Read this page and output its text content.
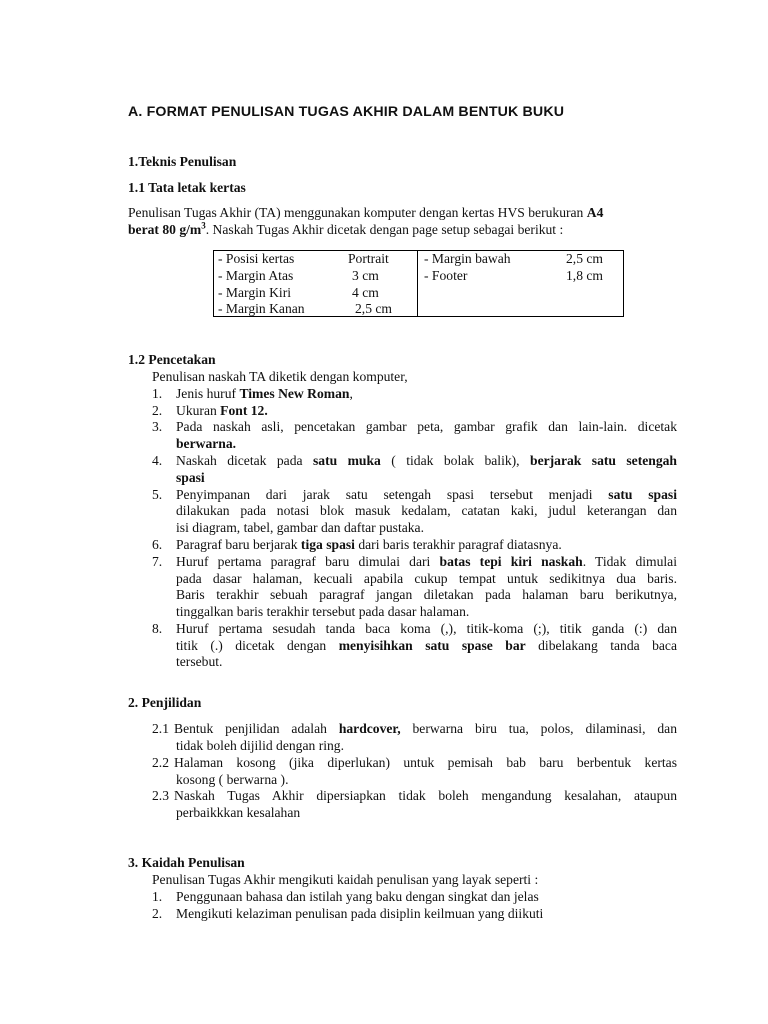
A. FORMAT PENULISAN TUGAS AKHIR DALAM BENTUK BUKU
1.Teknis Penulisan
1.1 Tata letak kertas
Penulisan Tugas Akhir (TA) menggunakan komputer dengan kertas HVS berukuran A4
berat 80 $g/m^3$. Naskah Tugas Akhir dicetak dengan page setup sebagai berikut :
- Posisi kertas	Portrait
- Margin Atas	3 cm
- Margin Kiri	4 cm
- Margin Kanan	2,5 cm
- Margin bawah	2,5 cm
- Footer	1,8 cm
1.2 Pencetakan
Penulisan naskah TA diketik dengan komputer,
1. Jenis huruf Times New Roman,
2. Ukuran Font 12.
3. Pada naskah asli, pencetakan gambar peta, gambar grafik dan lain-lain. dicetak
berwarna.
4. Naskah dicetak pada satu muka ( tidak bolak balik), berjarak satu setengah
spasi
5. Penyimpanan dari jarak satu setengah spasi tersebut menjadi satu spasi
dilakukan pada notasi blok masuk kedalam, catatan kaki, judul keterangan dan
isi diagram, tabel, gambar dan daftar pustaka.
6. Paragraf baru berjarak tiga spasi dari baris terakhir paragraf diatasnya.
7. Huruf pertama paragraf baru dimulai dari batas tepi kiri naskah. Tidak dimulai
pada dasar halaman, kecuali apabila cukup tempat untuk sedikitnya dua baris.
Baris terakhir sebuah paragraf jangan diletakan pada halaman baru berikutnya,
tinggalkan baris terakhir tersebut pada dasar halaman.
8. Huruf pertama sesudah tanda baca koma (,), titik-koma (;), titik ganda (:) dan
titik (.) dicetak dengan menyisihkan satu spase bar dibelakang tanda baca
tersebut.
2. Penjilidan
2.1 Bentuk penjilidan adalah hardcover, berwarna biru tua, polos, dilaminasi, dan
tidak boleh dijilid dengan ring.
2.2 Halaman kosong (jika diperlukan) untuk pemisah bab baru berbentuk kertas
kosong ( berwarna ).
2.3 Naskah Tugas Akhir dipersiapkan tidak boleh mengandung kesalahan, ataupun
perbaikkkan kesalahan
3. Kaidah Penulisan
Penulisan Tugas Akhir mengikuti kaidah penulisan yang layak seperti :
1. Penggunaan bahasa dan istilah yang baku dengan singkat dan jelas
2. Mengikuti kelaziman penulisan pada disiplin keilmuan yang diikuti
